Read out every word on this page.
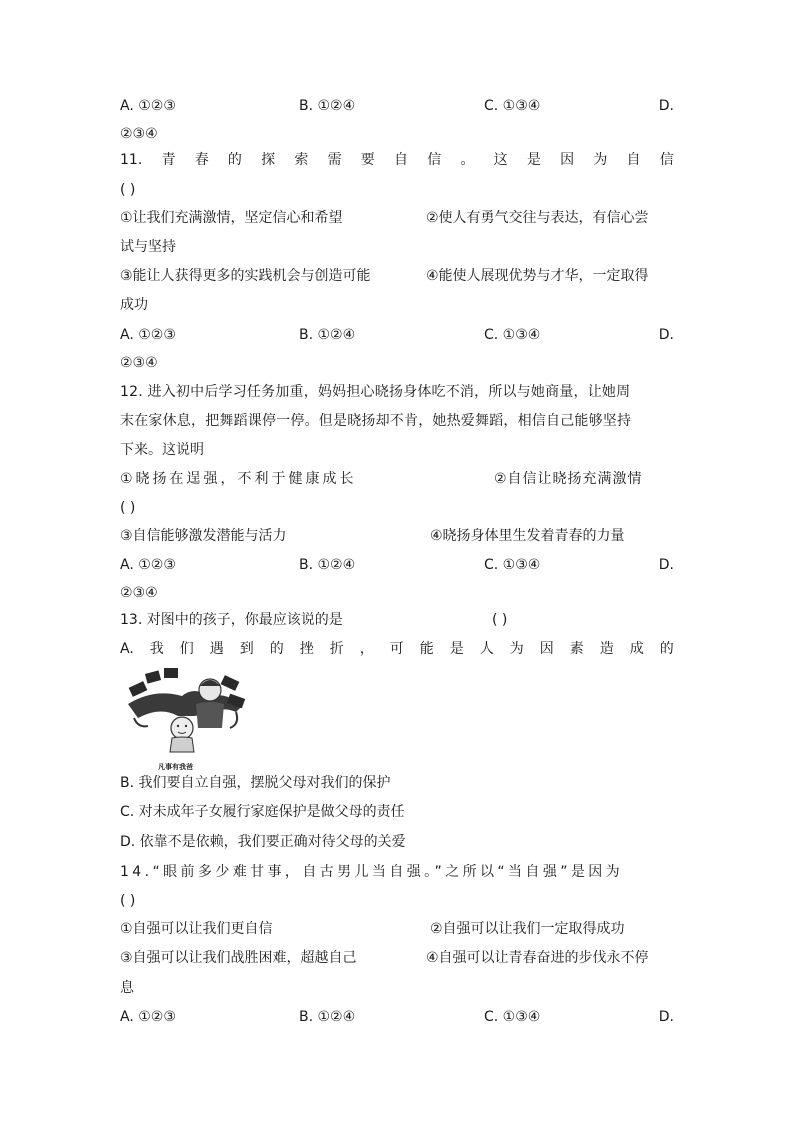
A. ①②③	B. ①②④	C. ①③④	D.
②③④
11. 青 春 的 探 索 需 要 自 信 。 这 是 因 为 自 信
( )
①让我们充满激情，坚定信心和希望	②使人有勇气交往与表达，有信心尝
试与坚持
③能让人获得更多的实践机会与创造可能	④能使人展现优势与才华，一定取得
成功
A. ①②③	B. ①②④	C. ①③④	D.
②③④
12. 进入初中后学习任务加重，妈妈担心晓扬身体吃不消，所以与她商量，让她周
末在家休息，把舞蹈课停一停。但是晓扬却不肯，她热爱舞蹈，相信自己能够坚持
下来。这说明
①晓扬在逞强，不利于健康成长	②自信让晓扬充满激情
( )
③自信能够激发潜能与活力	④晓扬身体里生发着青春的力量
A. ①②③	B. ①②④	C. ①③④	D.
②③④
13. 对图中的孩子，你最应该说的是	( )
A. 我 们 遇 到 的 挫 折 ， 可 能 是 人 为 因 素 造 成 的
凡事有我爸
B. 我们要自立自强，摆脱父母对我们的保护
C. 对未成年子女履行家庭保护是做父母的责任
D. 依靠不是依赖，我们要正确对待父母的关爱
14.“眼前多少难甘事，自古男儿当自强。”之所以“当自强”是因为
( )
①自强可以让我们更自信	②自强可以让我们一定取得成功
③自强可以让我们战胜困难，超越自己	④自强可以让青春奋进的步伐永不停
息
A. ①②③	B. ①②④	C. ①③④	D.
